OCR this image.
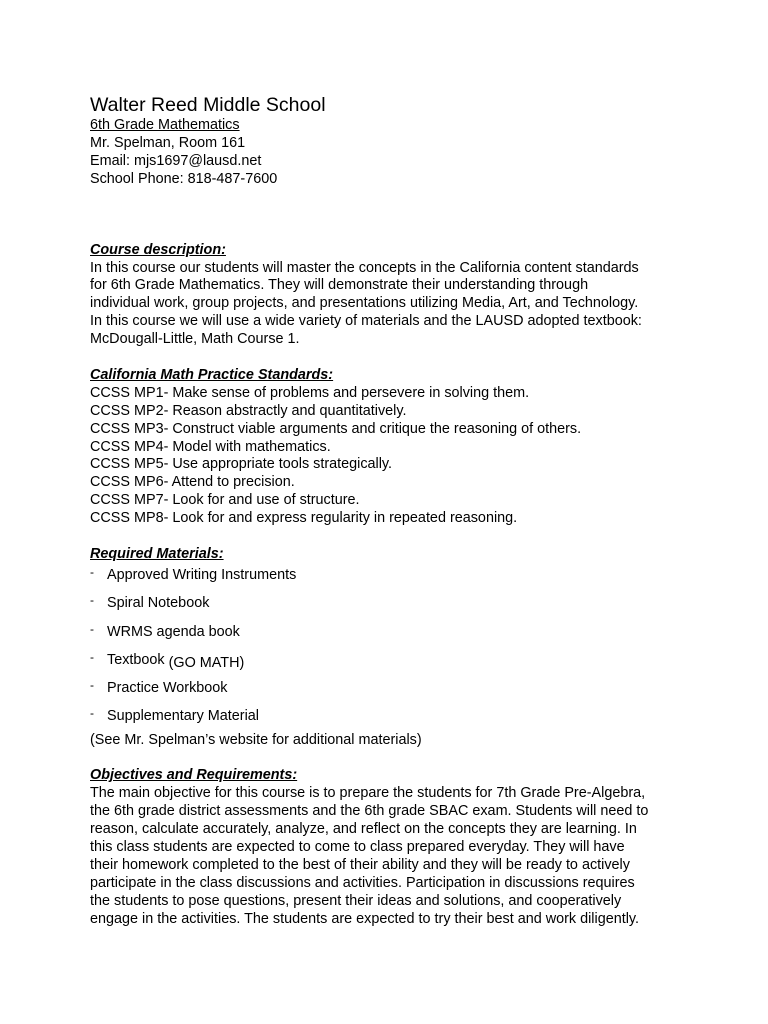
Walter Reed Middle School
6th Grade Mathematics
Mr. Spelman, Room 161
Email: mjs1697@lausd.net
School Phone: 818-487-7600
Course description:
In this course our students will master the concepts in the California content standards
for 6th Grade Mathematics. They will demonstrate their understanding through
individual work, group projects, and presentations utilizing Media, Art, and Technology.
In this course we will use a wide variety of materials and the LAUSD adopted textbook:
McDougall-Little, Math Course 1.
California Math Practice Standards:
CCSS MP1- Make sense of problems and persevere in solving them.
CCSS MP2- Reason abstractly and quantitatively.
CCSS MP3- Construct viable arguments and critique the reasoning of others.
CCSS MP4- Model with mathematics.
CCSS MP5- Use appropriate tools strategically.
CCSS MP6- Attend to precision.
CCSS MP7- Look for and use of structure.
CCSS MP8- Look for and express regularity in repeated reasoning.
Required Materials:
- Approved Writing Instruments
- Spiral Notebook
- WRMS agenda book
- Textbook (GO MATH)
- Practice Workbook
- Supplementary Material
(See Mr. Spelman’s website for additional materials)
Objectives and Requirements:
The main objective for this course is to prepare the students for 7th Grade Pre-Algebra,
the 6th grade district assessments and the 6th grade SBAC exam. Students will need to
reason, calculate accurately, analyze, and reflect on the concepts they are learning. In
this class students are expected to come to class prepared everyday. They will have
their homework completed to the best of their ability and they will be ready to actively
participate in the class discussions and activities. Participation in discussions requires
the students to pose questions, present their ideas and solutions, and cooperatively
engage in the activities. The students are expected to try their best and work diligently.
